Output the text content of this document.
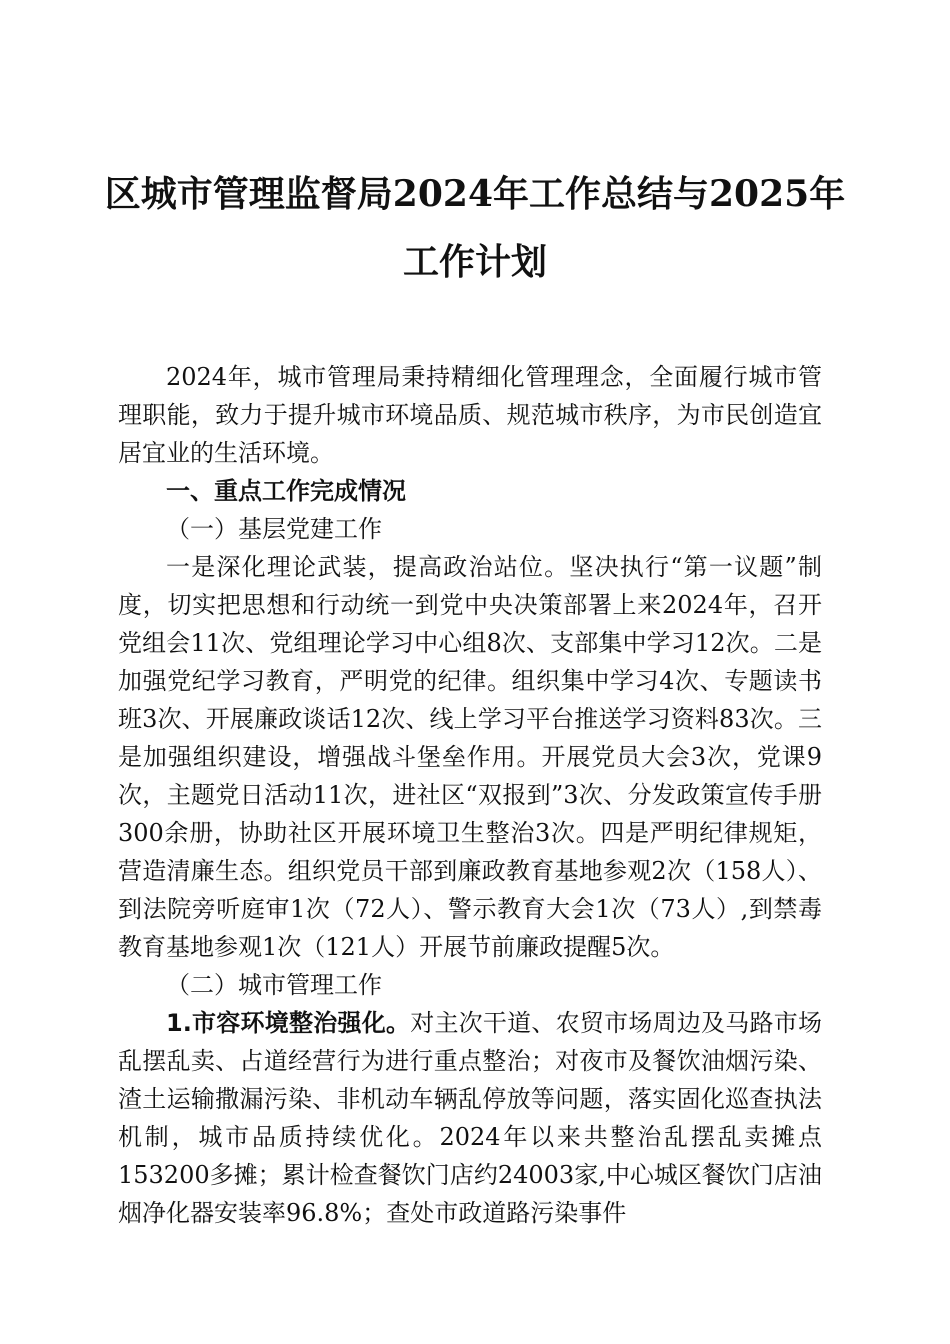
区城市管理监督局2024年工作总结与2025年
工作计划

2024年，城市管理局秉持精细化管理理念，全面履行城市管理职能，致力于提升城市环境品质、规范城市秩序，为市民创造宜居宜业的生活环境。

一、重点工作完成情况

（一）基层党建工作

一是深化理论武装，提高政治站位。坚决执行“第一议题”制度，切实把思想和行动统一到党中央决策部署上来2024年，召开党组会11次、党组理论学习中心组8次、支部集中学习12次。二是加强党纪学习教育，严明党的纪律。组织集中学习4次、专题读书班3次、开展廉政谈话12次、线上学习平台推送学习资料83次。三是加强组织建设，增强战斗堡垒作用。开展党员大会3次，党课9次，主题党日活动11次，进社区“双报到”3次、分发政策宣传手册300余册，协助社区开展环境卫生整治3次。四是严明纪律规矩，营造清廉生态。组织党员干部到廉政教育基地参观2次（158人）、到法院旁听庭审1次（72人）、警示教育大会1次（73人）,到禁毒教育基地参观1次（121人）开展节前廉政提醒5次。

（二）城市管理工作

1.市容环境整治强化。对主次干道、农贸市场周边及马路市场乱摆乱卖、占道经营行为进行重点整治；对夜市及餐饮油烟污染、渣土运输撒漏污染、非机动车辆乱停放等问题，落实固化巡查执法机制，城市品质持续优化。2024年以来共整治乱摆乱卖摊点153200多摊；累计检查餐饮门店约24003家,中心城区餐饮门店油烟净化器安装率96.8%；查处市政道路污染事件
